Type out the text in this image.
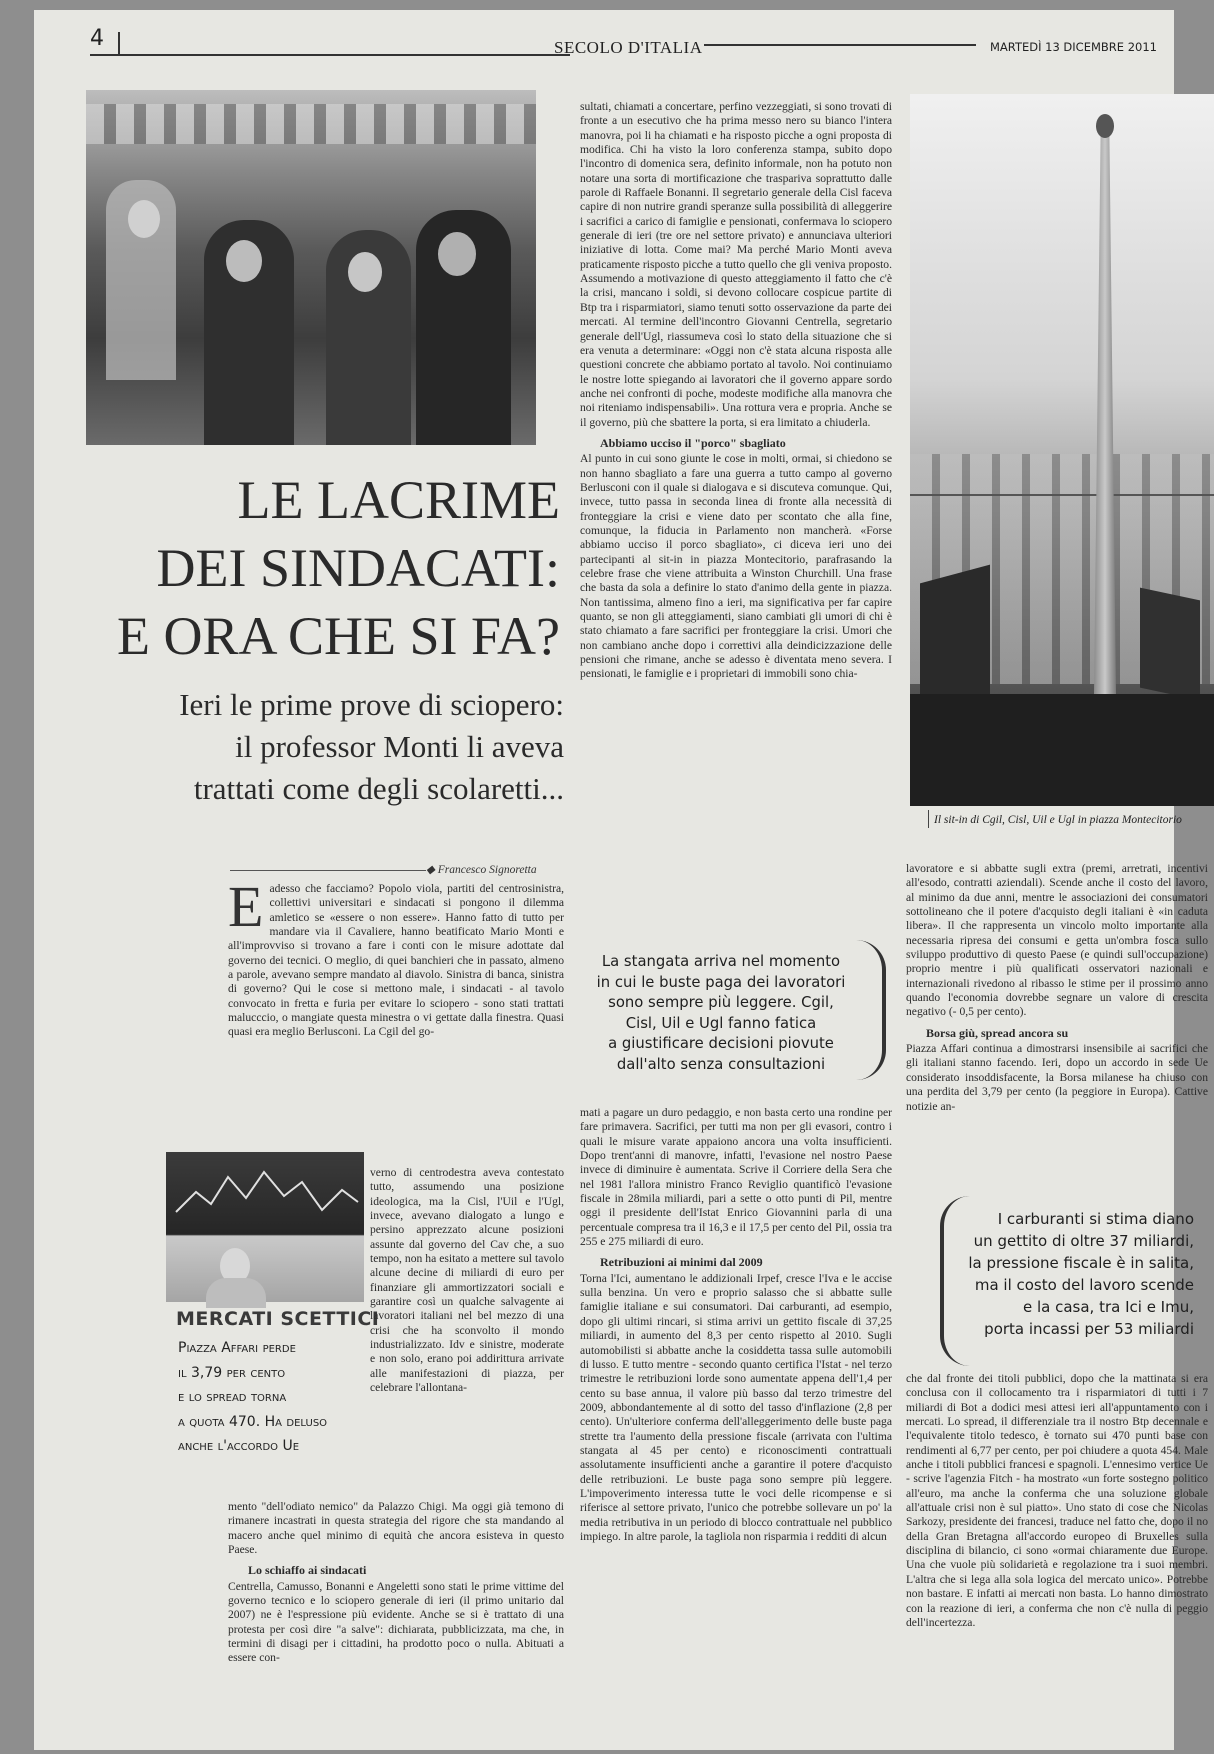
4	SECOLO D'ITALIA	MARTEDÌ 13 DICEMBRE 2011
LE LACRIME
DEI SINDACATI:
E ORA CHE SI FA?
Ieri le prime prove di sciopero:
il professor Monti li aveva
trattati come degli scolaretti...
◆ Francesco Signoretta
Eadesso che facciamo? Popolo viola, partiti del centrosinistra, collettivi universitari e sindacati si pongono il dilemma amletico se «essere o non essere». Hanno fatto di tutto per mandare via il Cavaliere, hanno beatificato Mario Monti e all'improvviso si trovano a fare i conti con le misure adottate dal governo dei tecnici. O meglio, di quei banchieri che in passato, almeno a parole, avevano sempre mandato al diavolo. Sinistra di banca, sinistra di governo? Qui le cose si mettono male, i sindacati - al tavolo convocato in fretta e furia per evitare lo sciopero - sono stati trattati malucccio, o mangiate questa minestra o vi gettate dalla finestra. Quasi quasi era meglio Berlusconi. La Cgil del go-
MERCATI SCETTICI
Piazza Affari perde
il 3,79 per cento
e lo spread torna
a quota 470. Ha deluso
anche l'accordo Ue
verno di centrodestra aveva contestato tutto, assumendo una posizione ideologica, ma la Cisl, l'Uil e l'Ugl, invece, avevano dialogato a lungo e persino apprezzato alcune posizioni assunte dal governo del Cav che, a suo tempo, non ha esitato a mettere sul tavolo alcune decine di miliardi di euro per finanziare gli ammortizzatori sociali e garantire così un qualche salvagente ai lavoratori italiani nel bel mezzo di una crisi che ha sconvolto il mondo industrializzato. Idv e sinistre, moderate e non solo, erano poi addirittura arrivate alle manifestazioni di piazza, per celebrare l'allontana-

mento "dell'odiato nemico" da Palazzo Chigi. Ma oggi già temono di rimanere incastrati in questa strategia del rigore che sta mandando al macero anche quel minimo di equità che ancora esisteva in questo Paese.

Lo schiaffo ai sindacati

Centrella, Camusso, Bonanni e Angeletti sono stati le prime vittime del governo tecnico e lo sciopero generale di ieri (il primo unitario dal 2007) ne è l'espressione più evidente. Anche se si è trattato di una protesta per così dire "a salve": dichiarata, pubblicizzata, ma che, in termini di disagi per i cittadini, ha prodotto poco o nulla. Abituati a essere con-

sultati, chiamati a concertare, perfino vezzeggiati, si sono trovati di fronte a un esecutivo che ha prima messo nero su bianco l'intera manovra, poi li ha chiamati e ha risposto picche a ogni proposta di modifica. Chi ha visto la loro conferenza stampa, subito dopo l'incontro di domenica sera, definito informale, non ha potuto non notare una sorta di mortificazione che traspariva soprattutto dalle parole di Raffaele Bonanni. Il segretario generale della Cisl faceva capire di non nutrire grandi speranze sulla possibilità di alleggerire i sacrifici a carico di famiglie e pensionati, confermava lo sciopero generale di ieri (tre ore nel settore privato) e annunciava ulteriori iniziative di lotta. Come mai? Ma perché Mario Monti aveva praticamente risposto picche a tutto quello che gli veniva proposto. Assumendo a motivazione di questo atteggiamento il fatto che c'è la crisi, mancano i soldi, si devono collocare cospicue partite di Btp tra i risparmiatori, siamo tenuti sotto osservazione da parte dei mercati. Al termine dell'incontro Giovanni Centrella, segretario generale dell'Ugl, riassumeva così lo stato della situazione che si era venuta a determinare: «Oggi non c'è stata alcuna risposta alle questioni concrete che abbiamo portato al tavolo. Noi continuiamo le nostre lotte spiegando ai lavoratori che il governo appare sordo anche nei confronti di poche, modeste modifiche alla manovra che noi riteniamo indispensabili». Una rottura vera e propria. Anche se il governo, più che sbattere la porta, si era limitato a chiuderla.

Abbiamo ucciso il "porco" sbagliato

Al punto in cui sono giunte le cose in molti, ormai, si chiedono se non hanno sbagliato a fare una guerra a tutto campo al governo Berlusconi con il quale si dialogava e si discuteva comunque. Qui, invece, tutto passa in seconda linea di fronte alla necessità di fronteggiare la crisi e viene dato per scontato che alla fine, comunque, la fiducia in Parlamento non mancherà. «Forse abbiamo ucciso il porco sbagliato», ci diceva ieri uno dei partecipanti al sit-in in piazza Montecitorio, parafrasando la celebre frase che viene attribuita a Winston Churchill. Una frase che basta da sola a definire lo stato d'animo della gente in piazza. Non tantissima, almeno fino a ieri, ma significativa per far capire quanto, se non gli atteggiamenti, siano cambiati gli umori di chi è stato chiamato a fare sacrifici per fronteggiare la crisi. Umori che non cambiano anche dopo i correttivi alla deindicizzazione delle pensioni che rimane, anche se adesso è diventata meno severa. I pensionati, le famiglie e i proprietari di immobili sono chia-

La stangata arriva nel momento
in cui le buste paga dei lavoratori
sono sempre più leggere. Cgil,
Cisl, Uil e Ugl fanno fatica
a giustificare decisioni piovute
dall'alto senza consultazioni

mati a pagare un duro pedaggio, e non basta certo una rondine per fare primavera. Sacrifici, per tutti ma non per gli evasori, contro i quali le misure varate appaiono ancora una volta insufficienti. Dopo trent'anni di manovre, infatti, l'evasione nel nostro Paese invece di diminuire è aumentata. Scrive il Corriere della Sera che nel 1981 l'allora ministro Franco Reviglio quantificò l'evasione fiscale in 28mila miliardi, pari a sette o otto punti di Pil, mentre oggi il presidente dell'Istat Enrico Giovannini parla di una percentuale compresa tra il 16,3 e il 17,5 per cento del Pil, ossia tra 255 e 275 miliardi di euro.

Retribuzioni ai minimi dal 2009

Torna l'Ici, aumentano le addizionali Irpef, cresce l'Iva e le accise sulla benzina. Un vero e proprio salasso che si abbatte sulle famiglie italiane e sui consumatori. Dai carburanti, ad esempio, dopo gli ultimi rincari, si stima arrivi un gettito fiscale di 37,25 miliardi, in aumento del 8,3 per cento rispetto al 2010. Sugli automobilisti si abbatte anche la cosiddetta tassa sulle automobili di lusso. E tutto mentre - secondo quanto certifica l'Istat - nel terzo trimestre le retribuzioni lorde sono aumentate appena dell'1,4 per cento su base annua, il valore più basso dal terzo trimestre del 2009, abbondantemente al di sotto del tasso d'inflazione (2,8 per cento). Un'ulteriore conferma dell'alleggerimento delle buste paga strette tra l'aumento della pressione fiscale (arrivata con l'ultima stangata al 45 per cento) e riconoscimenti contrattuali assolutamente insufficienti anche a garantire il potere d'acquisto delle retribuzioni. Le buste paga sono sempre più leggere. L'impoverimento interessa tutte le voci delle ricompense e si riferisce al settore privato, l'unico che potrebbe sollevare un po' la media retributiva in un periodo di blocco contrattuale nel pubblico impiego. In altre parole, la tagliola non risparmia i redditi di alcun

Il sit-in di Cgil, Cisl, Uil e Ugl in piazza Montecitorio

lavoratore e si abbatte sugli extra (premi, arretrati, incentivi all'esodo, contratti aziendali). Scende anche il costo del lavoro, al minimo da due anni, mentre le associazioni dei consumatori sottolineano che il potere d'acquisto degli italiani è «in caduta libera». Il che rappresenta un vincolo molto importante alla necessaria ripresa dei consumi e getta un'ombra fosca sullo sviluppo produttivo di questo Paese (e quindi sull'occupazione) proprio mentre i più qualificati osservatori nazionali e internazionali rivedono al ribasso le stime per il prossimo anno quando l'economia dovrebbe segnare un valore di crescita negativo (- 0,5 per cento).

Borsa giù, spread ancora su

Piazza Affari continua a dimostrarsi insensibile ai sacrifici che gli italiani stanno facendo. Ieri, dopo un accordo in sede Ue considerato insoddisfacente, la Borsa milanese ha chiuso con una perdita del 3,79 per cento (la peggiore in Europa). Cattive notizie an-

I carburanti si stima diano
un gettito di oltre 37 miliardi,
la pressione fiscale è in salita,
ma il costo del lavoro scende
e la casa, tra Ici e Imu,
porta incassi per 53 miliardi
che dal fronte dei titoli pubblici, dopo che la mattinata si era conclusa con il collocamento tra i risparmiatori di tutti i 7 miliardi di Bot a dodici mesi attesi ieri all'appuntamento con i mercati. Lo spread, il differenziale tra il nostro Btp decennale e l'equivalente titolo tedesco, è tornato sui 470 punti base con rendimenti al 6,77 per cento, per poi chiudere a quota 454. Male anche i titoli pubblici francesi e spagnoli. L'ennesimo vertice Ue - scrive l'agenzia Fitch - ha mostrato «un forte sostegno politico all'euro, ma anche la conferma che una soluzione globale all'attuale crisi non è sul piatto». Uno stato di cose che Nicolas Sarkozy, presidente dei francesi, traduce nel fatto che, dopo il no della Gran Bretagna all'accordo europeo di Bruxelles sulla disciplina di bilancio, ci sono «ormai chiaramente due Europe. Una che vuole più solidarietà e regolazione tra i suoi membri. L'altra che si lega alla sola logica del mercato unico». Potrebbe non bastare. E infatti ai mercati non basta. Lo hanno dimostrato con la reazione di ieri, a conferma che non c'è nulla di peggio dell'incertezza.
